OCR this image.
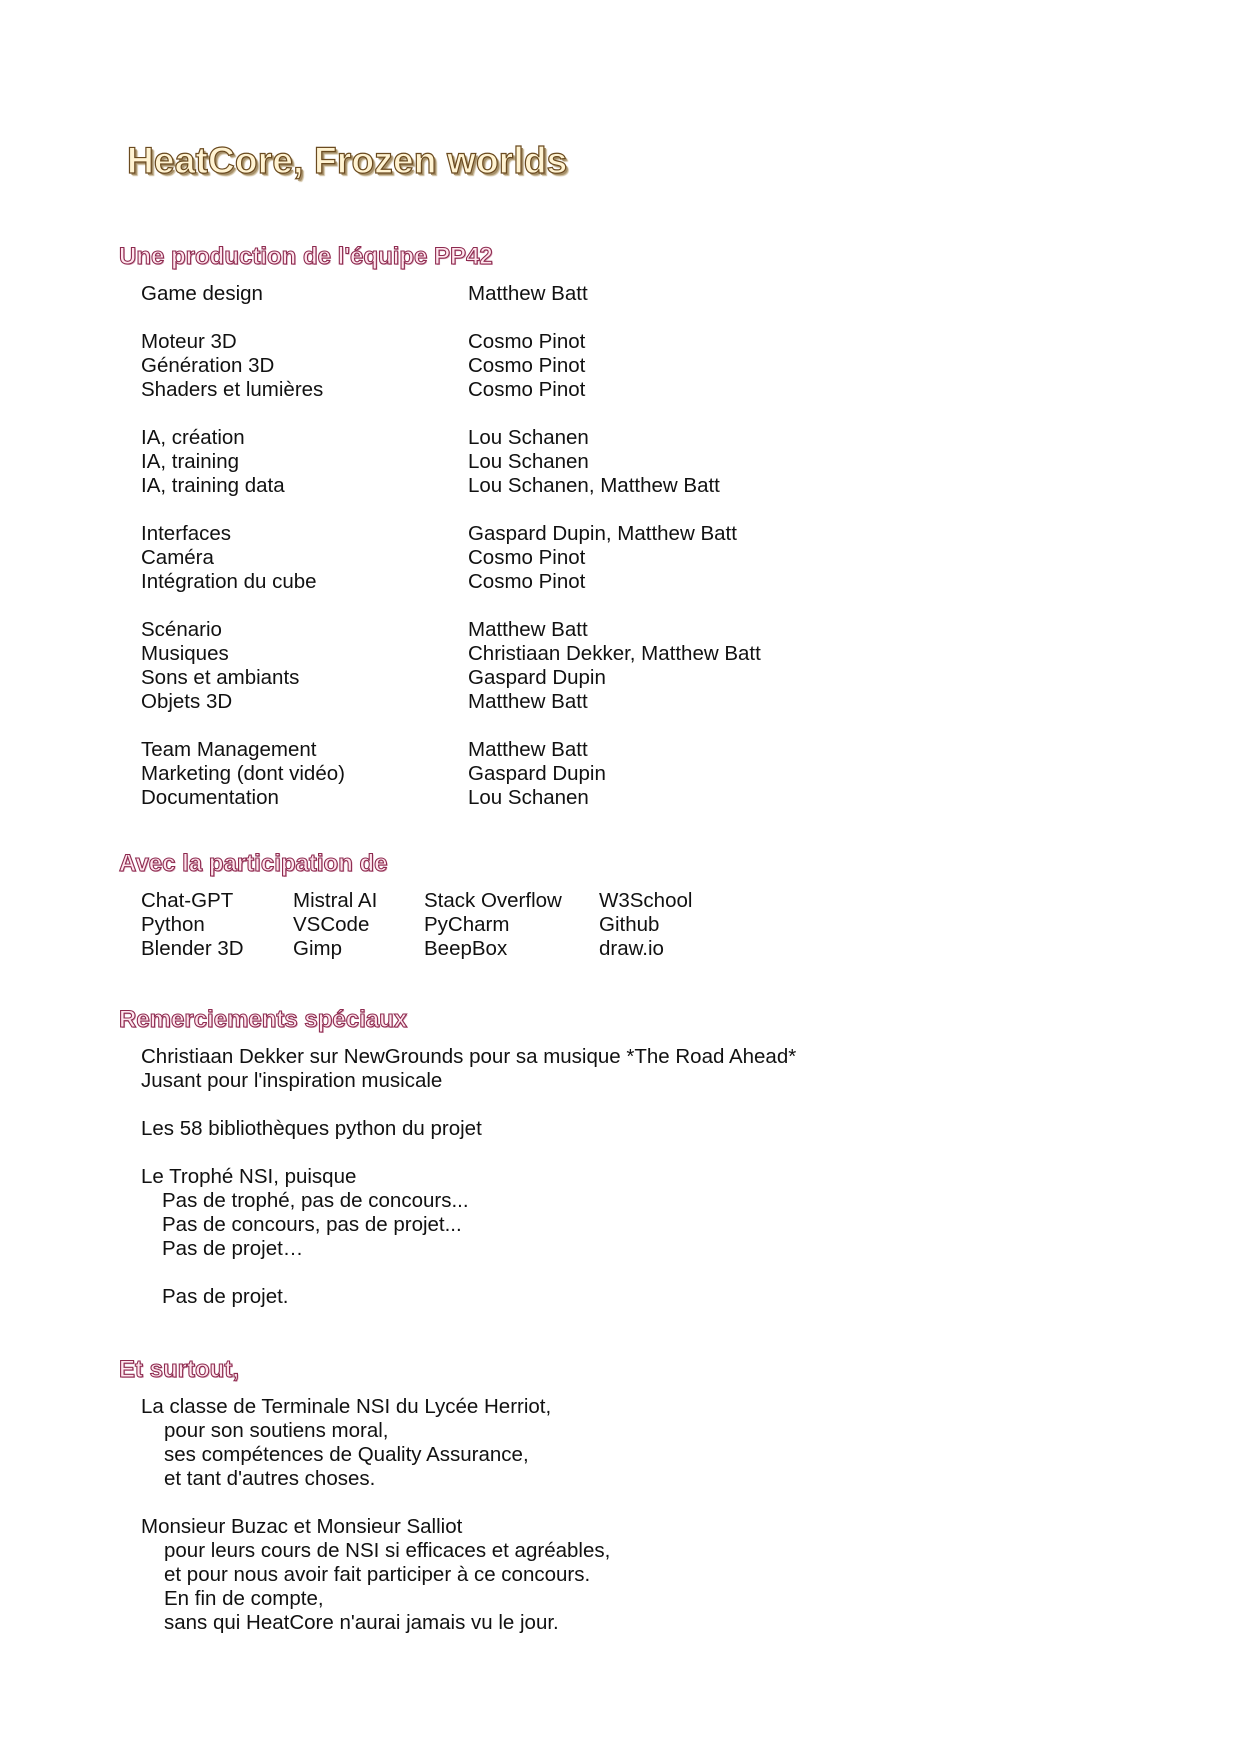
HeatCore, Frozen worlds
Une production de l'équipe PP42
Game design	Matthew Batt
Moteur 3D	Cosmo Pinot
Génération 3D	Cosmo Pinot
Shaders et lumières	Cosmo Pinot
IA, création	Lou Schanen
IA, training	Lou Schanen
IA, training data	Lou Schanen, Matthew Batt
Interfaces	Gaspard Dupin, Matthew Batt
Caméra	Cosmo Pinot
Intégration du cube	Cosmo Pinot
Scénario	Matthew Batt
Musiques	Christiaan Dekker, Matthew Batt
Sons et ambiants	Gaspard Dupin
Objets 3D	Matthew Batt
Team Management	Matthew Batt
Marketing (dont vidéo)	Gaspard Dupin
Documentation	Lou Schanen
Avec la participation de
Chat-GPT	Mistral AI	Stack Overflow	W3School
Python	VSCode	PyCharm	Github
Blender 3D	Gimp	BeepBox	draw.io
Remerciements spéciaux
Christiaan Dekker sur NewGrounds pour sa musique *The Road Ahead*
Jusant pour l'inspiration musicale
Les 58 bibliothèques python du projet
Le Trophé NSI, puisque
Pas de trophé, pas de concours...
Pas de concours, pas de projet...
Pas de projet…
Pas de projet.
Et surtout,
La classe de Terminale NSI du Lycée Herriot,
pour son soutiens moral,
ses compétences de Quality Assurance,
et tant d'autres choses.
Monsieur Buzac et Monsieur Salliot
pour leurs cours de NSI si efficaces et agréables,
et pour nous avoir fait participer à ce concours.
En fin de compte,
sans qui HeatCore n'aurai jamais vu le jour.
